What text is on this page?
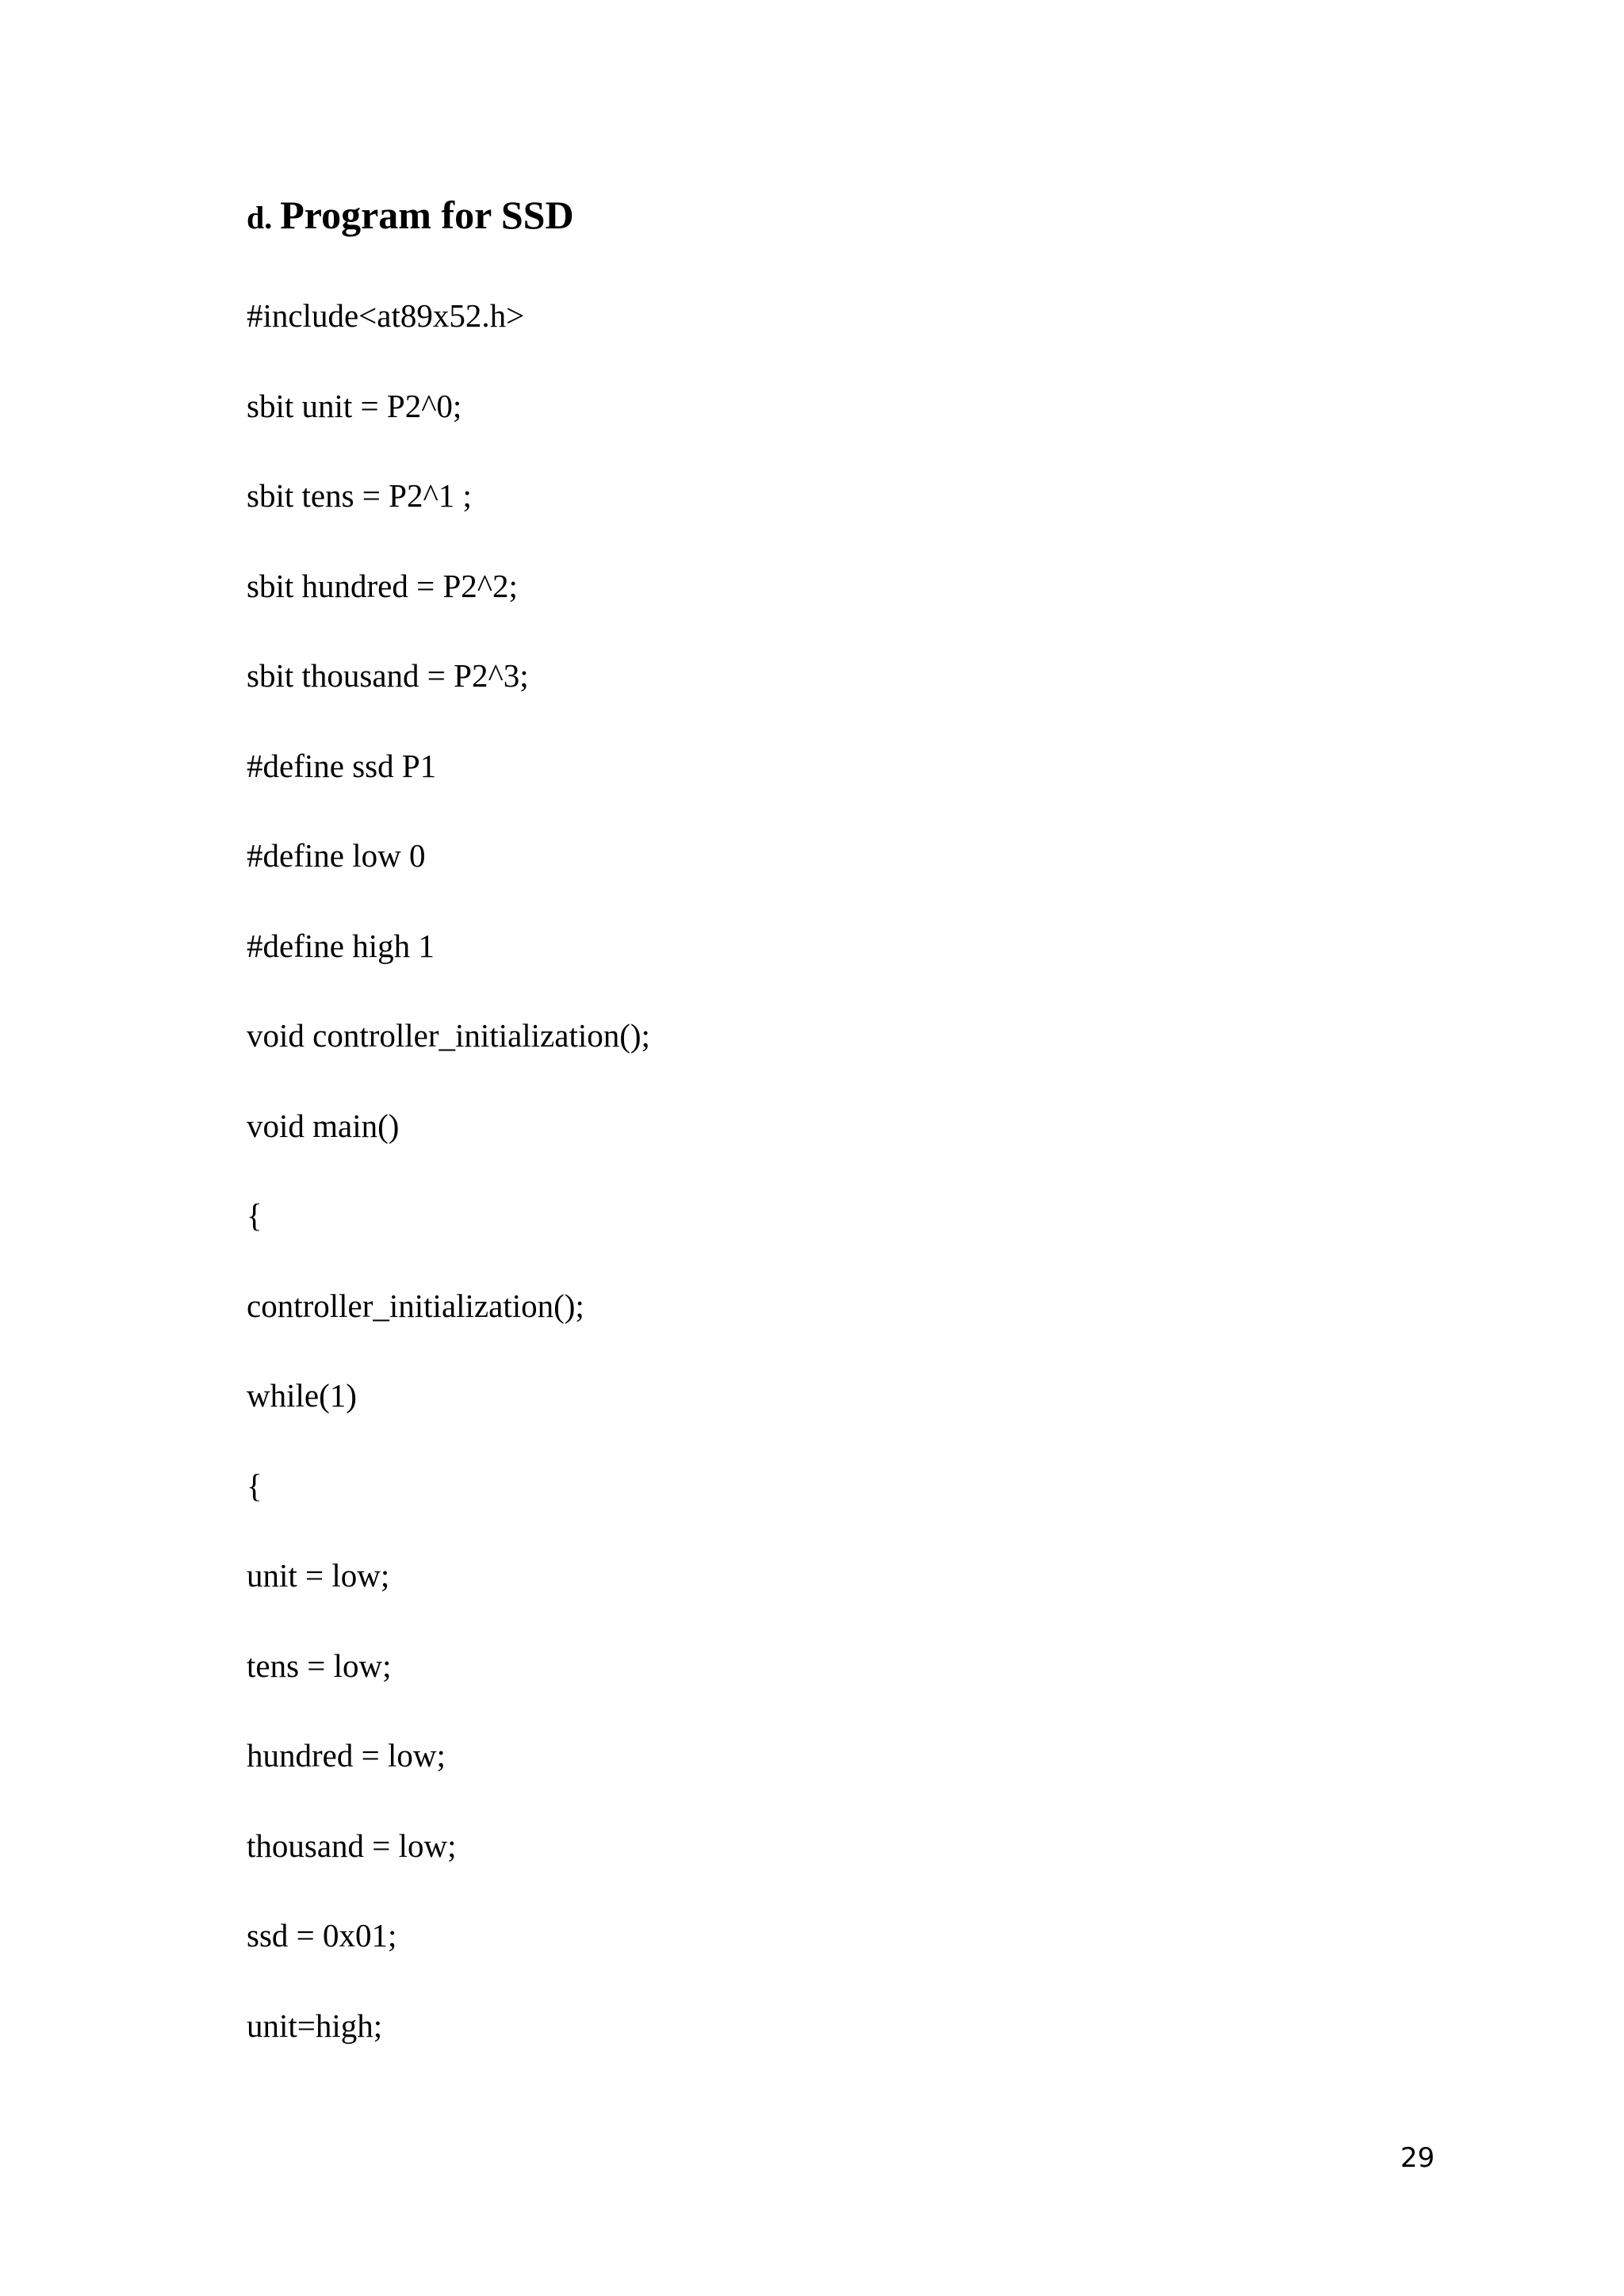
d. Program for SSD
#include<at89x52.h>
sbit unit = P2^0;
sbit tens = P2^1 ;
sbit hundred = P2^2;
sbit thousand = P2^3;
#define ssd P1
#define low 0
#define high 1
void controller_initialization();
void main()
{
controller_initialization();
while(1)
{
unit = low;
tens = low;
hundred = low;
thousand = low;
ssd = 0x01;
unit=high;
29
